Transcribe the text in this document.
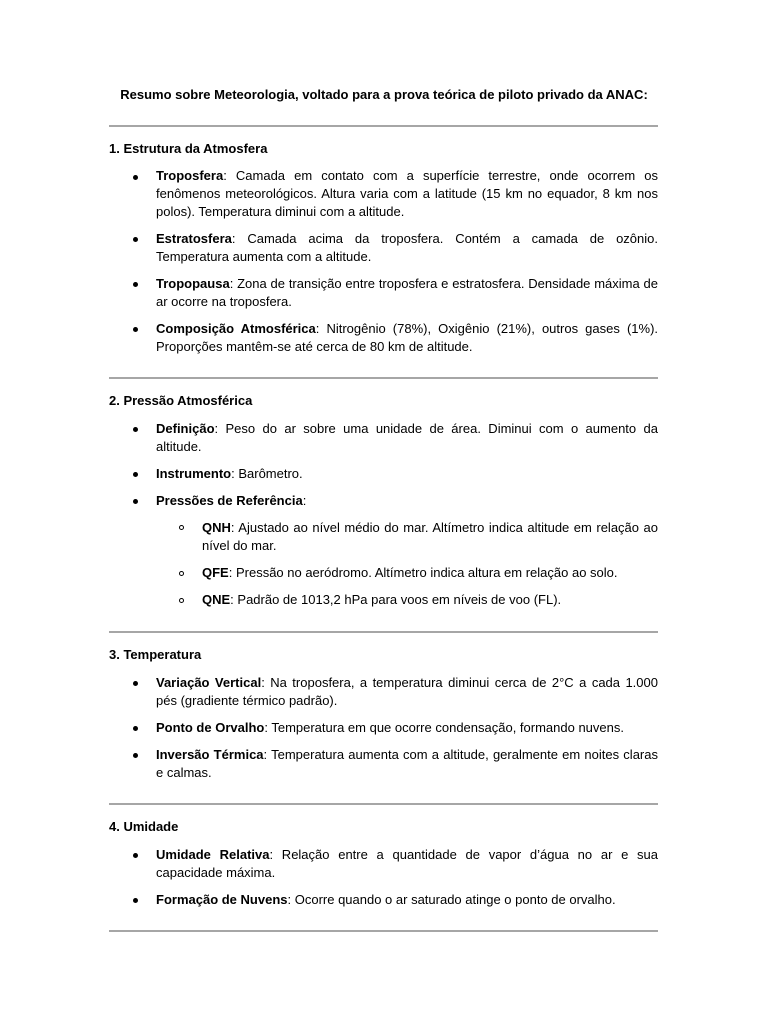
Resumo sobre Meteorologia, voltado para a prova teórica de piloto privado da ANAC:
1. Estrutura da Atmosfera
Troposfera: Camada em contato com a superfície terrestre, onde ocorrem os fenômenos meteorológicos. Altura varia com a latitude (15 km no equador, 8 km nos polos). Temperatura diminui com a altitude.
Estratosfera: Camada acima da troposfera. Contém a camada de ozônio. Temperatura aumenta com a altitude.
Tropopausa: Zona de transição entre troposfera e estratosfera. Densidade máxima de ar ocorre na troposfera.
Composição Atmosférica: Nitrogênio (78%), Oxigênio (21%), outros gases (1%). Proporções mantêm-se até cerca de 80 km de altitude.
2. Pressão Atmosférica
Definição: Peso do ar sobre uma unidade de área. Diminui com o aumento da altitude.
Instrumento: Barômetro.
Pressões de Referência:
QNH: Ajustado ao nível médio do mar. Altímetro indica altitude em relação ao nível do mar.
QFE: Pressão no aeródromo. Altímetro indica altura em relação ao solo.
QNE: Padrão de 1013,2 hPa para voos em níveis de voo (FL).
3. Temperatura
Variação Vertical: Na troposfera, a temperatura diminui cerca de 2°C a cada 1.000 pés (gradiente térmico padrão).
Ponto de Orvalho: Temperatura em que ocorre condensação, formando nuvens.
Inversão Térmica: Temperatura aumenta com a altitude, geralmente em noites claras e calmas.
4. Umidade
Umidade Relativa: Relação entre a quantidade de vapor d’água no ar e sua capacidade máxima.
Formação de Nuvens: Ocorre quando o ar saturado atinge o ponto de orvalho.
